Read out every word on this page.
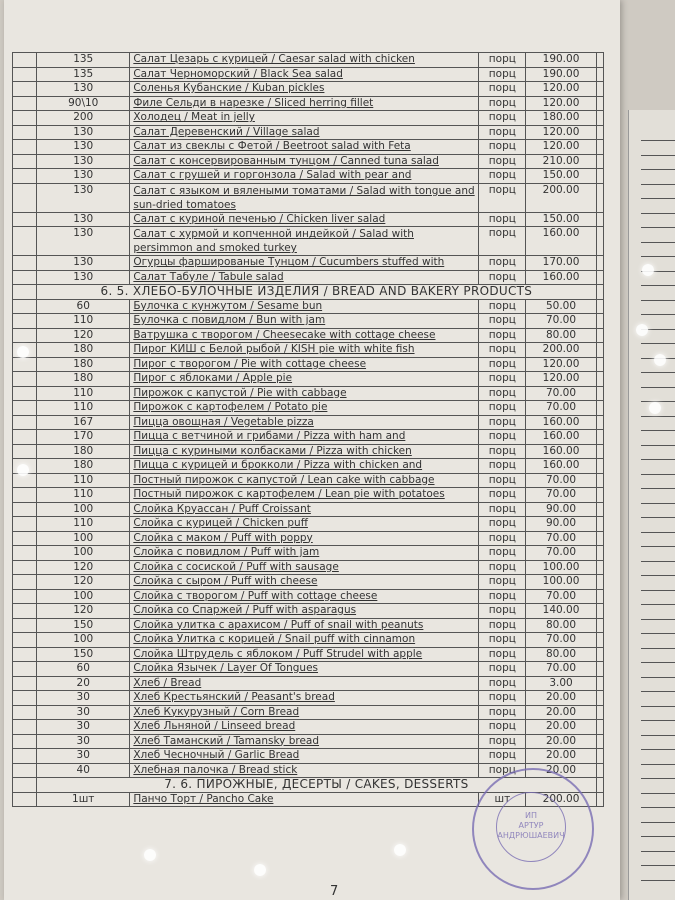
	135	Салат Цезарь с курицей / Caesar salad with chicken	порц	190.00	
	135	Салат Черноморский / Black Sea salad	порц	190.00	
	130	Соленья Кубанские / Kuban pickles	порц	120.00	
	90\10	Филе Сельди в нарезке / Sliced herring fillet	порц	120.00	
	200	Холодец / Meat in jelly	порц	180.00	
	130	Салат Деревенский / Village salad	порц	120.00	
	130	Салат из свеклы с Фетой / Beetroot salad with Feta	порц	120.00	
	130	Салат с консервированным тунцом / Canned tuna salad	порц	210.00	
	130	Салат с грушей и горгонзола / Salad with pear and	порц	150.00	
	130	Салат с языком и вялеными томатами / Salad with tongue and sun-dried tomatoes	порц	200.00	
	130	Салат с куриной печенью / Chicken liver salad	порц	150.00	
	130	Салат с хурмой и копченной индейкой / Salad with persimmon and smoked turkey	порц	160.00	
	130	Огурцы фаршированые Тунцом / Cucumbers stuffed with	порц	170.00	
	130	Салат Табуле / Tabule salad	порц	160.00	
	6. 5. ХЛЕБО-БУЛОЧНЫЕ ИЗДЕЛИЯ / BREAD AND BAKERY PRODUCTS				
	60	Булочка с кунжутом / Sesame bun	порц	50.00	
	110	Булочка с повидлом / Bun with jam	порц	70.00	
	120	Ватрушка с творогом / Cheesecake with cottage cheese	порц	80.00	
	180	Пирог КИШ с Белой рыбой / KISH pie with white fish	порц	200.00	
	180	Пирог с творогом / Pie with cottage cheese	порц	120.00	
	180	Пирог с яблоками / Apple pie	порц	120.00	
	110	Пирожок с капустой / Pie with cabbage	порц	70.00	
	110	Пирожок с картофелем / Potato pie	порц	70.00	
	167	Пицца овощная / Vegetable pizza	порц	160.00	
	170	Пицца с ветчиной и грибами / Pizza with ham and	порц	160.00	
	180	Пицца с куриными колбасками / Pizza with chicken	порц	160.00	
	180	Пицца с курицей и брокколи / Pizza with chicken and	порц	160.00	
	110	Постный пирожок с капустой / Lean cake with cabbage	порц	70.00	
	110	Постный пирожок с картофелем / Lean pie with potatoes	порц	70.00	
	100	Слойка Круассан / Puff Croissant	порц	90.00	
	110	Слойка с курицей / Chicken puff	порц	90.00	
	100	Слойка с маком / Puff with poppy	порц	70.00	
	100	Слойка с повидлом / Puff with jam	порц	70.00	
	120	Слойка с сосиской / Puff with sausage	порц	100.00	
	120	Слойка с сыром / Puff with cheese	порц	100.00	
	100	Слойка с творогом / Puff with cottage cheese	порц	70.00	
	120	Слойка со Спаржей / Puff with asparagus	порц	140.00	
	150	Слойка улитка с арахисом / Puff of snail with peanuts	порц	80.00	
	100	Слойка Улитка с корицей / Snail puff with cinnamon	порц	70.00	
	150	Слойка Штрудель с яблоком / Puff Strudel with apple	порц	80.00	
	60	Слойка Язычек / Layer Of Tongues	порц	70.00	
	20	Хлеб / Bread	порц	3.00	
	30	Хлеб Крестьянский / Peasant's bread	порц	20.00	
	30	Хлеб Кукурузный / Corn Bread	порц	20.00	
	30	Хлеб Льняной / Linseed bread	порц	20.00	
	30	Хлеб Таманский / Tamansky bread	порц	20.00	
	30	Хлеб Чесночный / Garlic Bread	порц	20.00	
	40	Хлебная палочка / Bread stick	порц	20.00	
	7. 6. ПИРОЖНЫЕ, ДЕСЕРТЫ / CAKES, DESSERTS				
	1шт	Панчо Торт / Pancho Cake	шт	200.00	
ИП
АРТУР
АНДРЮШАЕВИЧ
7
